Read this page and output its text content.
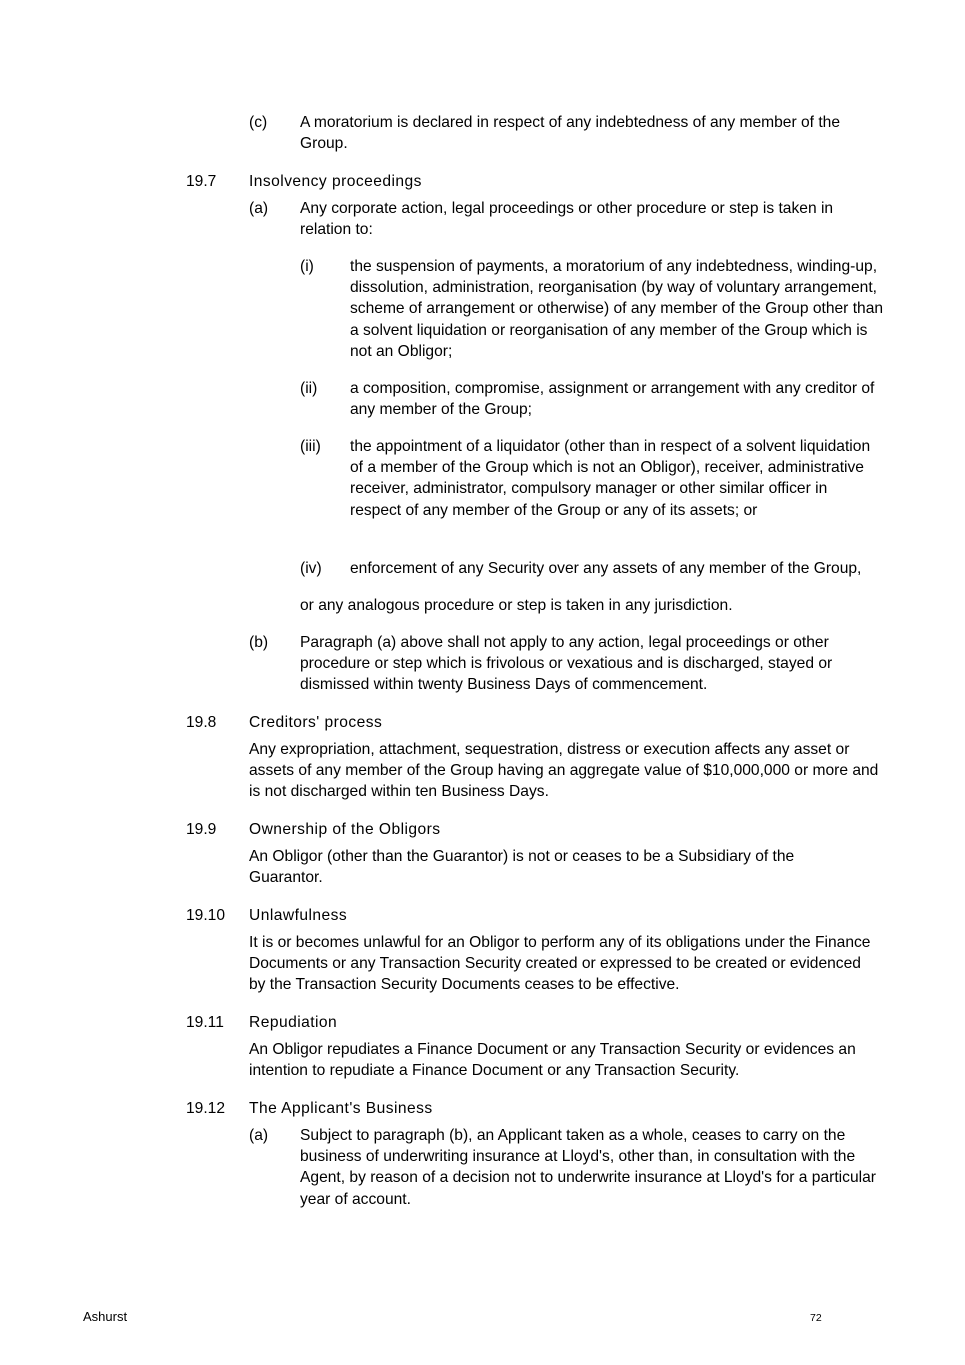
(c) A moratorium is declared in respect of any indebtedness of any member of the Group.
19.7 Insolvency proceedings
(a) Any corporate action, legal proceedings or other procedure or step is taken in relation to:
(i) the suspension of payments, a moratorium of any indebtedness, winding-up, dissolution, administration, reorganisation (by way of voluntary arrangement, scheme of arrangement or otherwise) of any member of the Group other than a solvent liquidation or reorganisation of any member of the Group which is not an Obligor;
(ii) a composition, compromise, assignment or arrangement with any creditor of any member of the Group;
(iii) the appointment of a liquidator (other than in respect of a solvent liquidation of a member of the Group which is not an Obligor), receiver, administrative receiver, administrator, compulsory manager or other similar officer in respect of any member of the Group or any of its assets; or
(iv) enforcement of any Security over any assets of any member of the Group,
or any analogous procedure or step is taken in any jurisdiction.
(b) Paragraph (a) above shall not apply to any action, legal proceedings or other procedure or step which is frivolous or vexatious and is discharged, stayed or dismissed within twenty Business Days of commencement.
19.8 Creditors' process
Any expropriation, attachment, sequestration, distress or execution affects any asset or assets of any member of the Group having an aggregate value of $10,000,000 or more and is not discharged within ten Business Days.
19.9 Ownership of the Obligors
An Obligor (other than the Guarantor) is not or ceases to be a Subsidiary of the Guarantor.
19.10 Unlawfulness
It is or becomes unlawful for an Obligor to perform any of its obligations under the Finance Documents or any Transaction Security created or expressed to be created or evidenced by the Transaction Security Documents ceases to be effective.
19.11 Repudiation
An Obligor repudiates a Finance Document or any Transaction Security or evidences an intention to repudiate a Finance Document or any Transaction Security.
19.12 The Applicant's Business
(a) Subject to paragraph (b), an Applicant taken as a whole, ceases to carry on the business of underwriting insurance at Lloyd's, other than, in consultation with the Agent, by reason of a decision not to underwrite insurance at Lloyd's for a particular year of account.
Ashurst	72
